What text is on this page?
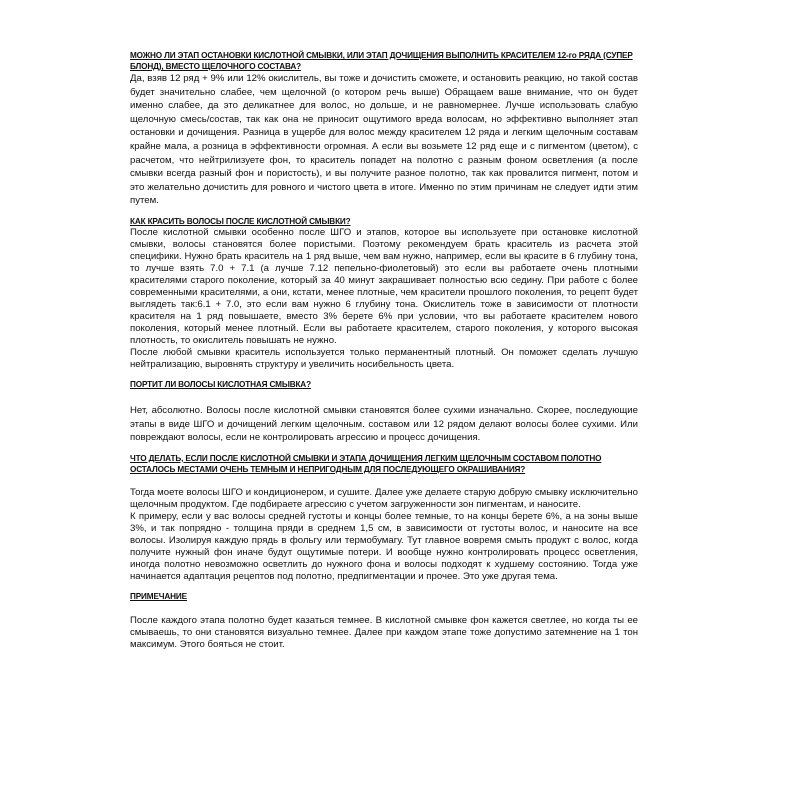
МОЖНО ЛИ ЭТАП ОСТАНОВКИ КИСЛОТНОЙ СМЫВКИ, ИЛИ ЭТАП ДОЧИЩЕНИЯ ВЫПОЛНИТЬ КРАСИТЕЛЕМ 12-го РЯДА (СУПЕР БЛОНД), ВМЕСТО ЩЕЛОЧНОГО СОСТАВА?

Да, взяв 12 ряд + 9% или 12% окислитель, вы тоже и дочистить сможете, и остановить реакцию, но такой состав будет значительно слабее, чем щелочной (о котором речь выше) Обращаем ваше внимание, что он будет именно слабее, да это деликатнее для волос, но дольше, и не равномернее. Лучше использовать слабую щелочную смесь/состав, так как она не приносит ощутимого вреда волосам, но эффективно выполняет этап остановки и дочищения. Разница в ущербе для волос между красителем 12 ряда и легким щелочным составам крайне мала, а розница в эффективности огромная. А если вы возьмете 12 ряд еще и с пигментом (цветом), с расчетом, что нейтрилизуете фон, то краситель попадет на полотно с разным фоном осветления (а после смывки всегда разный фон и пористость), и вы получите разное полотно, так как провалится пигмент, потом и это желательно дочистить для ровного и чистого цвета в итоге. Именно по этим причинам не следует идти этим путем.

КАК КРАСИТЬ ВОЛОСЫ ПОСЛЕ КИСЛОТНОЙ СМЫВКИ?

После кислотной смывки особенно после ШГО и этапов, которое вы используете при остановке кислотной смывки, волосы становятся более пористыми. Поэтому рекомендуем брать краситель из расчета этой специфики. Нужно брать краситель на 1 ряд выше, чем вам нужно, например, если вы красите в 6 глубину тона, то лучше взять 7.0 + 7.1 (а лучше 7.12 пепельно-фиолетовый) это если вы работаете очень плотными красителями старого поколение, который за 40 минут закрашивает полностью всю седину. При работе с более современными красителями, а они, кстати, менее плотные, чем красители прошлого поколения, то рецепт будет выглядеть так:6.1 + 7.0, это если вам нужно 6 глубину тона. Окислитель тоже в зависимости от плотности красителя на 1 ряд повышаете, вместо 3% берете 6% при условии, что вы работаете красителем нового поколения, который менее плотный. Если вы работаете красителем, старого поколения, у которого высокая плотность, то окислитель повышать не нужно.

После любой смывки краситель используется только перманентный плотный. Он поможет сделать лучшую нейтрализацию, выровнять структуру и увеличить носибельность цвета.

ПОРТИТ ЛИ ВОЛОСЫ КИСЛОТНАЯ СМЫВКА?

Нет, абсолютно. Волосы после кислотной смывки становятся более сухими изначально. Скорее, последующие этапы в виде ШГО и дочищений легким щелочным. составом или 12 рядом делают волосы более сухими. Или повреждают волосы, если не контролировать агрессию и процесс дочищения.

ЧТО ДЕЛАТЬ, ЕСЛИ ПОСЛЕ КИСЛОТНОЙ СМЫВКИ И ЭТАПА ДОЧИЩЕНИЯ ЛЕГКИМ ЩЕЛОЧНЫМ СОСТАВОМ ПОЛОТНО ОСТАЛОСЬ МЕСТАМИ ОЧЕНЬ ТЕМНЫМ И НЕПРИГОДНЫМ ДЛЯ ПОСЛЕДУЮЩЕГО ОКРАШИВАНИЯ?

Тогда моете волосы ШГО и кондиционером, и сушите. Далее уже делаете старую добрую смывку исключительно щелочным продуктом. Где подбираете агрессию с учетом загруженности зон пигментам, и наносите.

К примеру, если у вас волосы средней густоты и концы более темные, то на концы берете 6%, а на зоны выше 3%, и так попрядно - толщина пряди в среднем 1,5 см, в зависимости от густоты волос, и наносите на все волосы. Изолируя каждую прядь в фольгу или термобумагу. Тут главное вовремя смыть продукт с волос, когда получите нужный фон иначе будут ощутимые потери. И вообще нужно контролировать процесс осветления, иногда полотно невозможно осветлить до нужного фона и волосы подходят к худшему состоянию. Тогда уже начинается адаптация рецептов под полотно, предпигментации и прочее. Это уже другая тема.

ПРИМЕЧАНИЕ

После каждого этапа полотно будет казаться темнее. В кислотной смывке фон кажется светлее, но когда ты ее смываешь, то они становятся визуально темнее. Далее при каждом этапе тоже допустимо затемнение на 1 тон максимум. Этого бояться не стоит.
